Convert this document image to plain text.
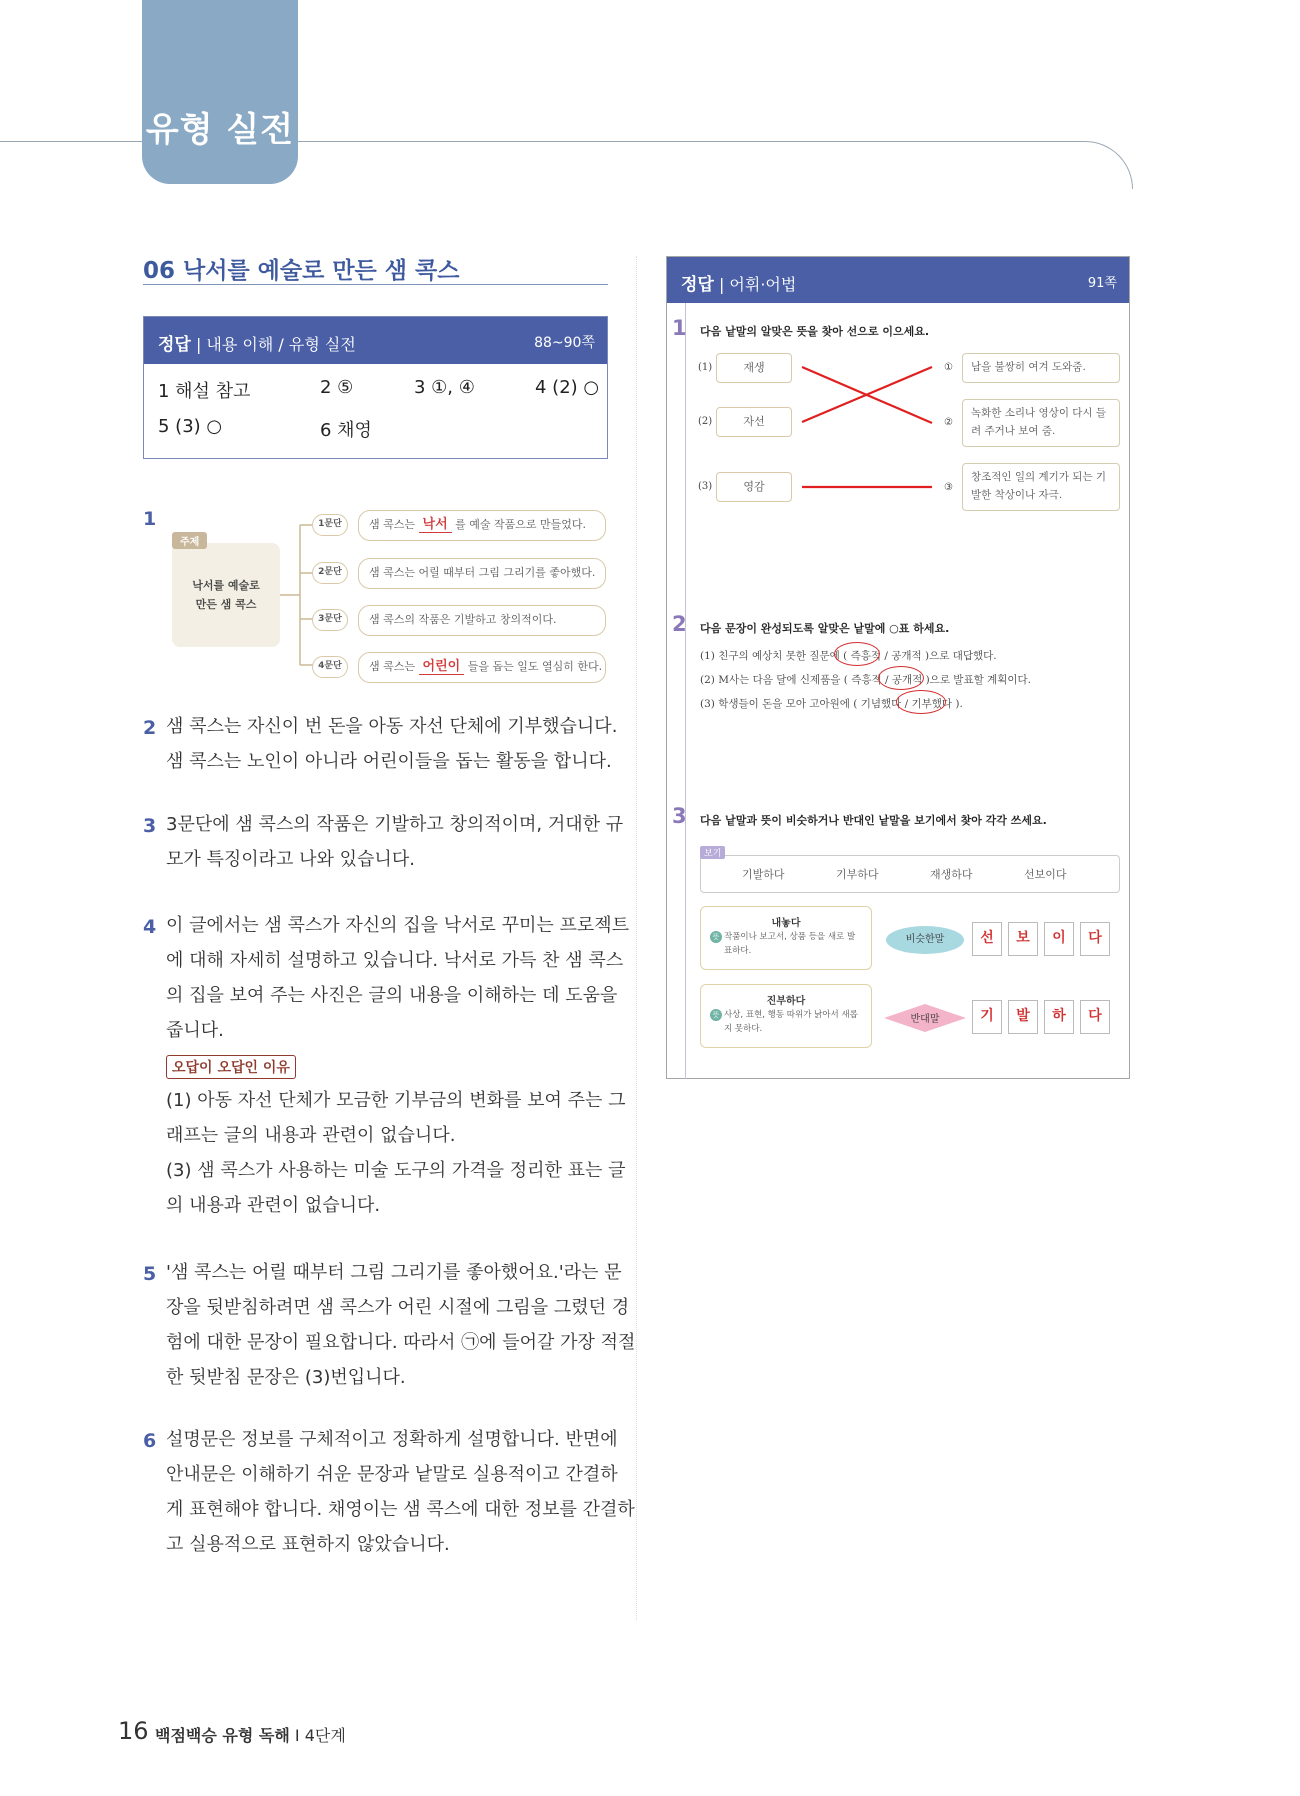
유형 실전
06 낙서를 예술로 만든 샘 콕스
정답 | 내용 이해 / 유형 실전	88~90쪽
1 해설 참고	2 ⑤	3 ①, ④	4 (2) ○
5 (3) ○	6 채영
1
주제
낙서를 예술로
만든 샘 콕스
1문단	샘 콕스는 낙서 를 예술 작품으로 만들었다.
2문단	샘 콕스는 어릴 때부터 그림 그리기를 좋아했다.
3문단	샘 콕스의 작품은 기발하고 창의적이다.
4문단	샘 콕스는 어린이 들을 돕는 일도 열심히 한다.
2 샘 콕스는 자신이 번 돈을 아동 자선 단체에 기부했습니다.
샘 콕스는 노인이 아니라 어린이들을 돕는 활동을 합니다.
3 3문단에 샘 콕스의 작품은 기발하고 창의적이며, 거대한 규
모가 특징이라고 나와 있습니다.
4 이 글에서는 샘 콕스가 자신의 집을 낙서로 꾸미는 프로젝트
에 대해 자세히 설명하고 있습니다. 낙서로 가득 찬 샘 콕스
의 집을 보여 주는 사진은 글의 내용을 이해하는 데 도움을
줍니다.
오답이 오답인 이유
(1) 아동 자선 단체가 모금한 기부금의 변화를 보여 주는 그
래프는 글의 내용과 관련이 없습니다.
(3) 샘 콕스가 사용하는 미술 도구의 가격을 정리한 표는 글
의 내용과 관련이 없습니다.
5 '샘 콕스는 어릴 때부터 그림 그리기를 좋아했어요.'라는 문
장을 뒷받침하려면 샘 콕스가 어린 시절에 그림을 그렸던 경
험에 대한 문장이 필요합니다. 따라서 ㉠에 들어갈 가장 적절
한 뒷받침 문장은 (3)번입니다.
6 설명문은 정보를 구체적이고 정확하게 설명합니다. 반면에
안내문은 이해하기 쉬운 문장과 낱말로 실용적이고 간결하
게 표현해야 합니다. 채영이는 샘 콕스에 대한 정보를 간결하
고 실용적으로 표현하지 않았습니다.
정답 | 어휘·어법	91쪽
1 다음 낱말의 알맞은 뜻을 찾아 선으로 이으세요.
(1)	재생
(2)	자선
(3)	영감
① 남을 불쌍히 여겨 도와줌.
②
녹화한 소리나 영상이 다시 들
려 주거나 보여 줌.
③
창조적인 일의 계기가 되는 기
발한 착상이나 자극.
2 다음 문장이 완성되도록 알맞은 낱말에 ○표 하세요.
(1) 친구의 예상치 못한 질문에 ( 즉흥적 / 공개적 )으로 대답했다.
(2) M사는 다음 달에 신제품을 ( 즉흥적 / 공개적 )으로 발표할 계획이다.
(3) 학생들이 돈을 모아 고아원에 ( 기념했다 / 기부했다 ).
3 다음 낱말과 뜻이 비슷하거나 반대인 낱말을 보기에서 찾아 각각 쓰세요.
보기
기발하다	기부하다	재생하다	선보이다
내놓다
뜻 작품이나 보고서, 상품 등을 새로 발
표하다.
비슷한말	선	보	이	다
진부하다
뜻 사상, 표현, 행동 따위가 낡아서 새롭
지 못하다.
반대말	기	발	하	다
16 백점백승 유형 독해 I 4단계
